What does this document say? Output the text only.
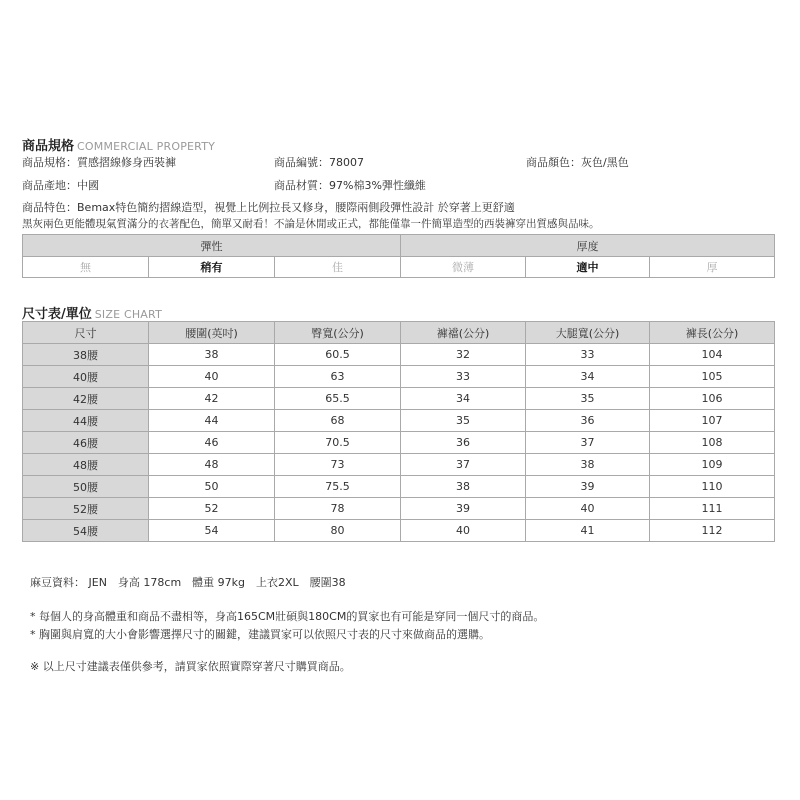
商品規格 COMMERCIAL PROPERTY
商品規格：質感摺線修身西裝褲	商品編號：78007	商品顏色：灰色/黑色
商品產地：中國	商品材質：97%棉3%彈性纖維
商品特色：Bemax特色簡約摺線造型，視覺上比例拉長又修身，腰際兩側段彈性設計 於穿著上更舒適
黑灰兩色更能體現氣質滿分的衣著配色，簡單又耐看！不論是休閒或正式，都能僅靠一件簡單造型的西裝褲穿出質感與品味。
彈性			厚度		
無	稍有	佳	微薄	適中	厚
尺寸表/單位 SIZE CHART
尺寸	腰圍(英吋)	臀寬(公分)	褲襠(公分)	大腿寬(公分)	褲長(公分)
38腰	38	60.5	32	33	104
40腰	40	63	33	34	105
42腰	42	65.5	34	35	106
44腰	44	68	35	36	107
46腰	46	70.5	36	37	108
48腰	48	73	37	38	109
50腰	50	75.5	38	39	110
52腰	52	78	39	40	111
54腰	54	80	40	41	112
麻豆資料： JEN　身高 178cm　體重 97kg　上衣2XL　腰圍38
* 每個人的身高體重和商品不盡相等，身高165CM壯碩與180CM的買家也有可能是穿同一個尺寸的商品。
* 胸圍與肩寬的大小會影響選擇尺寸的關鍵，建議買家可以依照尺寸表的尺寸來做商品的選購。
※ 以上尺寸建議表僅供參考，請買家依照實際穿著尺寸購買商品。
